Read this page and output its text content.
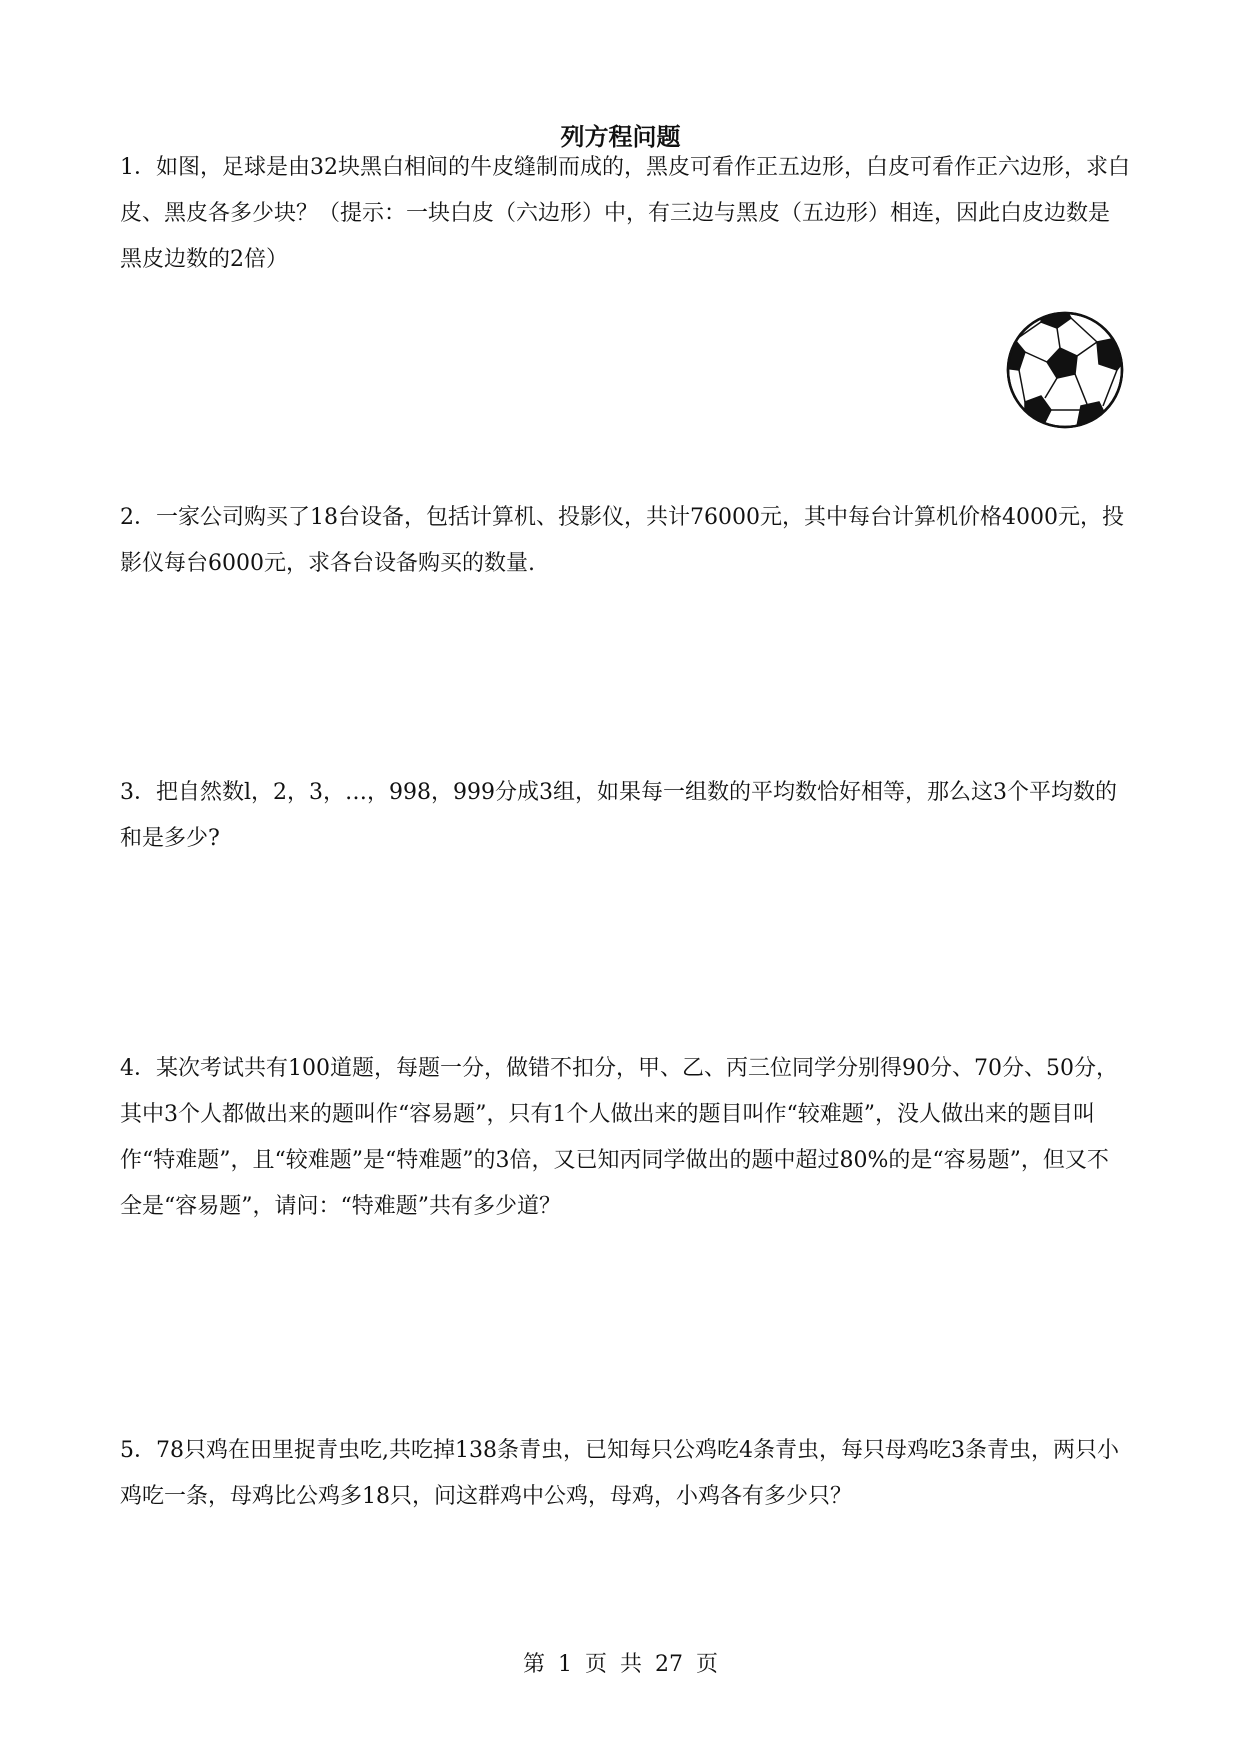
列方程问题

1．如图，足球是由32块黑白相间的牛皮缝制而成的，黑皮可看作正五边形，白皮可看作正六边形，求白皮、黑皮各多少块？（提示：一块白皮（六边形）中，有三边与黑皮（五边形）相连，因此白皮边数是黑皮边数的2倍）

2．一家公司购买了18台设备，包括计算机、投影仪，共计76000元，其中每台计算机价格4000元，投影仪每台6000元，求各台设备购买的数量.

3．把自然数l，2，3，…，998，999分成3组，如果每一组数的平均数恰好相等，那么这3个平均数的和是多少?

4．某次考试共有100道题，每题一分，做错不扣分，甲、乙、丙三位同学分别得90分、70分、50分，其中3个人都做出来的题叫作“容易题”，只有1个人做出来的题目叫作“较难题”，没人做出来的题目叫作“特难题”，且“较难题”是“特难题”的3倍，又已知丙同学做出的题中超过80%的是“容易题”，但又不全是“容易题”，请问：“特难题”共有多少道？

5．78只鸡在田里捉青虫吃,共吃掉138条青虫，已知每只公鸡吃4条青虫，每只母鸡吃3条青虫，两只小鸡吃一条，母鸡比公鸡多18只，问这群鸡中公鸡，母鸡，小鸡各有多少只？

第 1 页 共 27 页
